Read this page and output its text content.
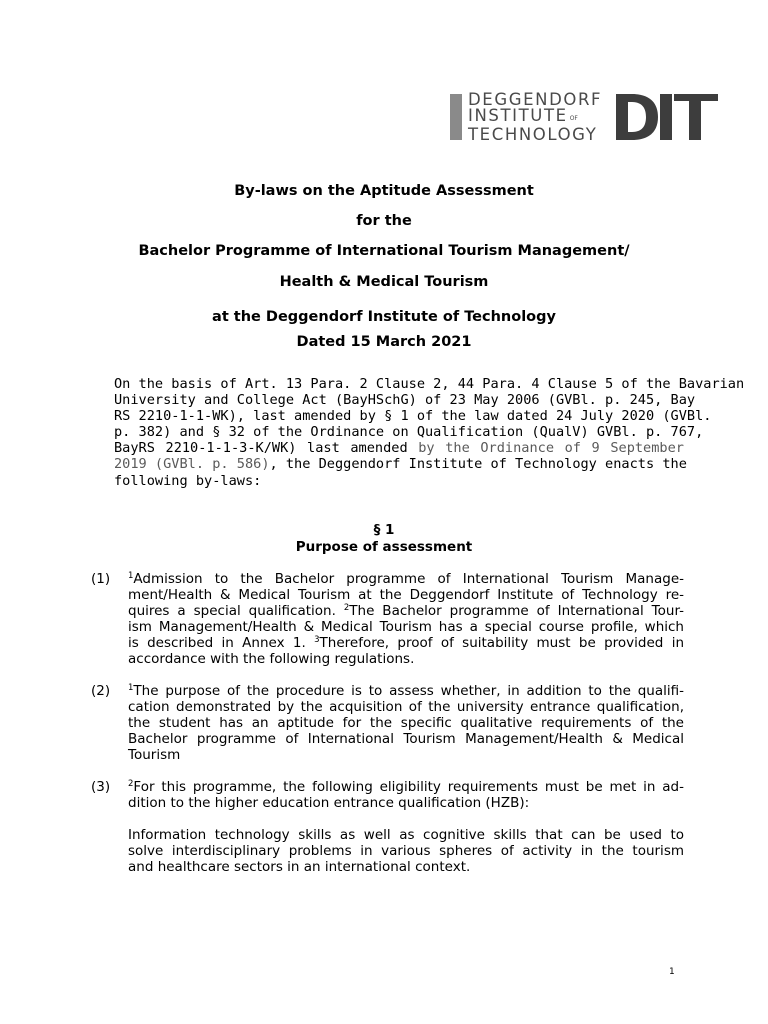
DEGGENDORF
INSTITUTE OF
TECHNOLOGY
By-laws on the Aptitude Assessment
for the
Bachelor Programme of International Tourism Management/
Health & Medical Tourism
at the Deggendorf Institute of Technology
Dated 15 March 2021
On the basis of Art. 13 Para. 2 Clause 2, 44 Para. 4 Clause 5 of the Bavarian
University and College Act (BayHSchG) of 23 May 2006 (GVBl. p. 245, Bay
RS 2210-1-1-WK), last amended by § 1 of the law dated 24 July 2020 (GVBl.
p. 382) and § 32 of the Ordinance on Qualification (QualV) GVBl. p. 767,
BayRS 2210-1-1-3-K/WK) last amended by the Ordinance of 9 September
2019 (GVBl. p. 586), the Deggendorf Institute of Technology enacts the
following by-laws:
§ 1
Purpose of assessment
(1) $^1$Admission to the Bachelor programme of International Tourism Manage-
ment/Health & Medical Tourism at the Deggendorf Institute of Technology re-
quires a special qualification. $^2$The Bachelor programme of International Tour-
ism Management/Health & Medical Tourism has a special course profile, which
is described in Annex 1. $^3$Therefore, proof of suitability must be provided in
accordance with the following regulations.
(2) $^1$The purpose of the procedure is to assess whether, in addition to the qualifi-
cation demonstrated by the acquisition of the university entrance qualification,
the student has an aptitude for the specific qualitative requirements of the
Bachelor programme of International Tourism Management/Health & Medical
Tourism
(3) $^2$For this programme, the following eligibility requirements must be met in ad-
dition to the higher education entrance qualification (HZB):
Information technology skills as well as cognitive skills that can be used to
solve interdisciplinary problems in various spheres of activity in the tourism
and healthcare sectors in an international context.
1
